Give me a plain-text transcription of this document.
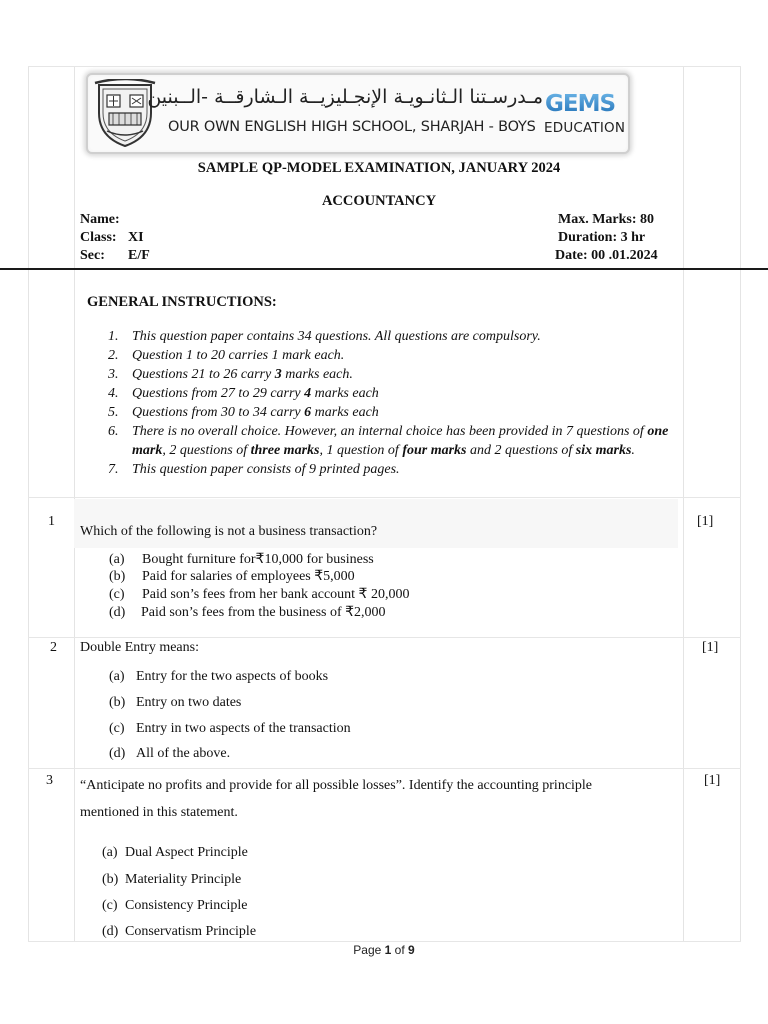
مـدرسـتنا الـثانـويـة الإنجـليزيــة الـشارقــة -الــبنين
OUR OWN ENGLISH HIGH SCHOOL, SHARJAH - BOYS
GEMS
EDUCATION
SAMPLE QP-MODEL EXAMINATION, JANUARY 2024
ACCOUNTANCY
Name:
Class: XI
Sec: E/F
Max. Marks: 80
Duration: 3 hr
Date: 00 .01.2024
GENERAL INSTRUCTIONS:
1. This question paper contains 34 questions. All questions are compulsory.
2. Question 1 to 20 carries 1 mark each.
3. Questions 21 to 26 carry 3 marks each.
4. Questions from 27 to 29 carry 4 marks each
5. Questions from 30 to 34 carry 6 marks each
6. There is no overall choice. However, an internal choice has been provided in 7 questions of one mark, 2 questions of three marks, 1 question of four marks and 2 questions of six marks.
7. This question paper consists of 9 printed pages.
1	[1]
Which of the following is not a business transaction?
(a) Bought furniture for₹10,000 for business
(b) Paid for salaries of employees ₹5,000
(c) Paid son’s fees from her bank account ₹ 20,000
(d) Paid son’s fees from the business of ₹2,000
2	[1]
Double Entry means:
(a) Entry for the two aspects of books
(b) Entry on two dates
(c) Entry in two aspects of the transaction
(d) All of the above.
3	[1]
“Anticipate no profits and provide for all possible losses”. Identify the accounting principle
mentioned in this statement.
(a) Dual Aspect Principle
(b) Materiality Principle
(c) Consistency Principle
(d) Conservatism Principle
Page 1 of 9
